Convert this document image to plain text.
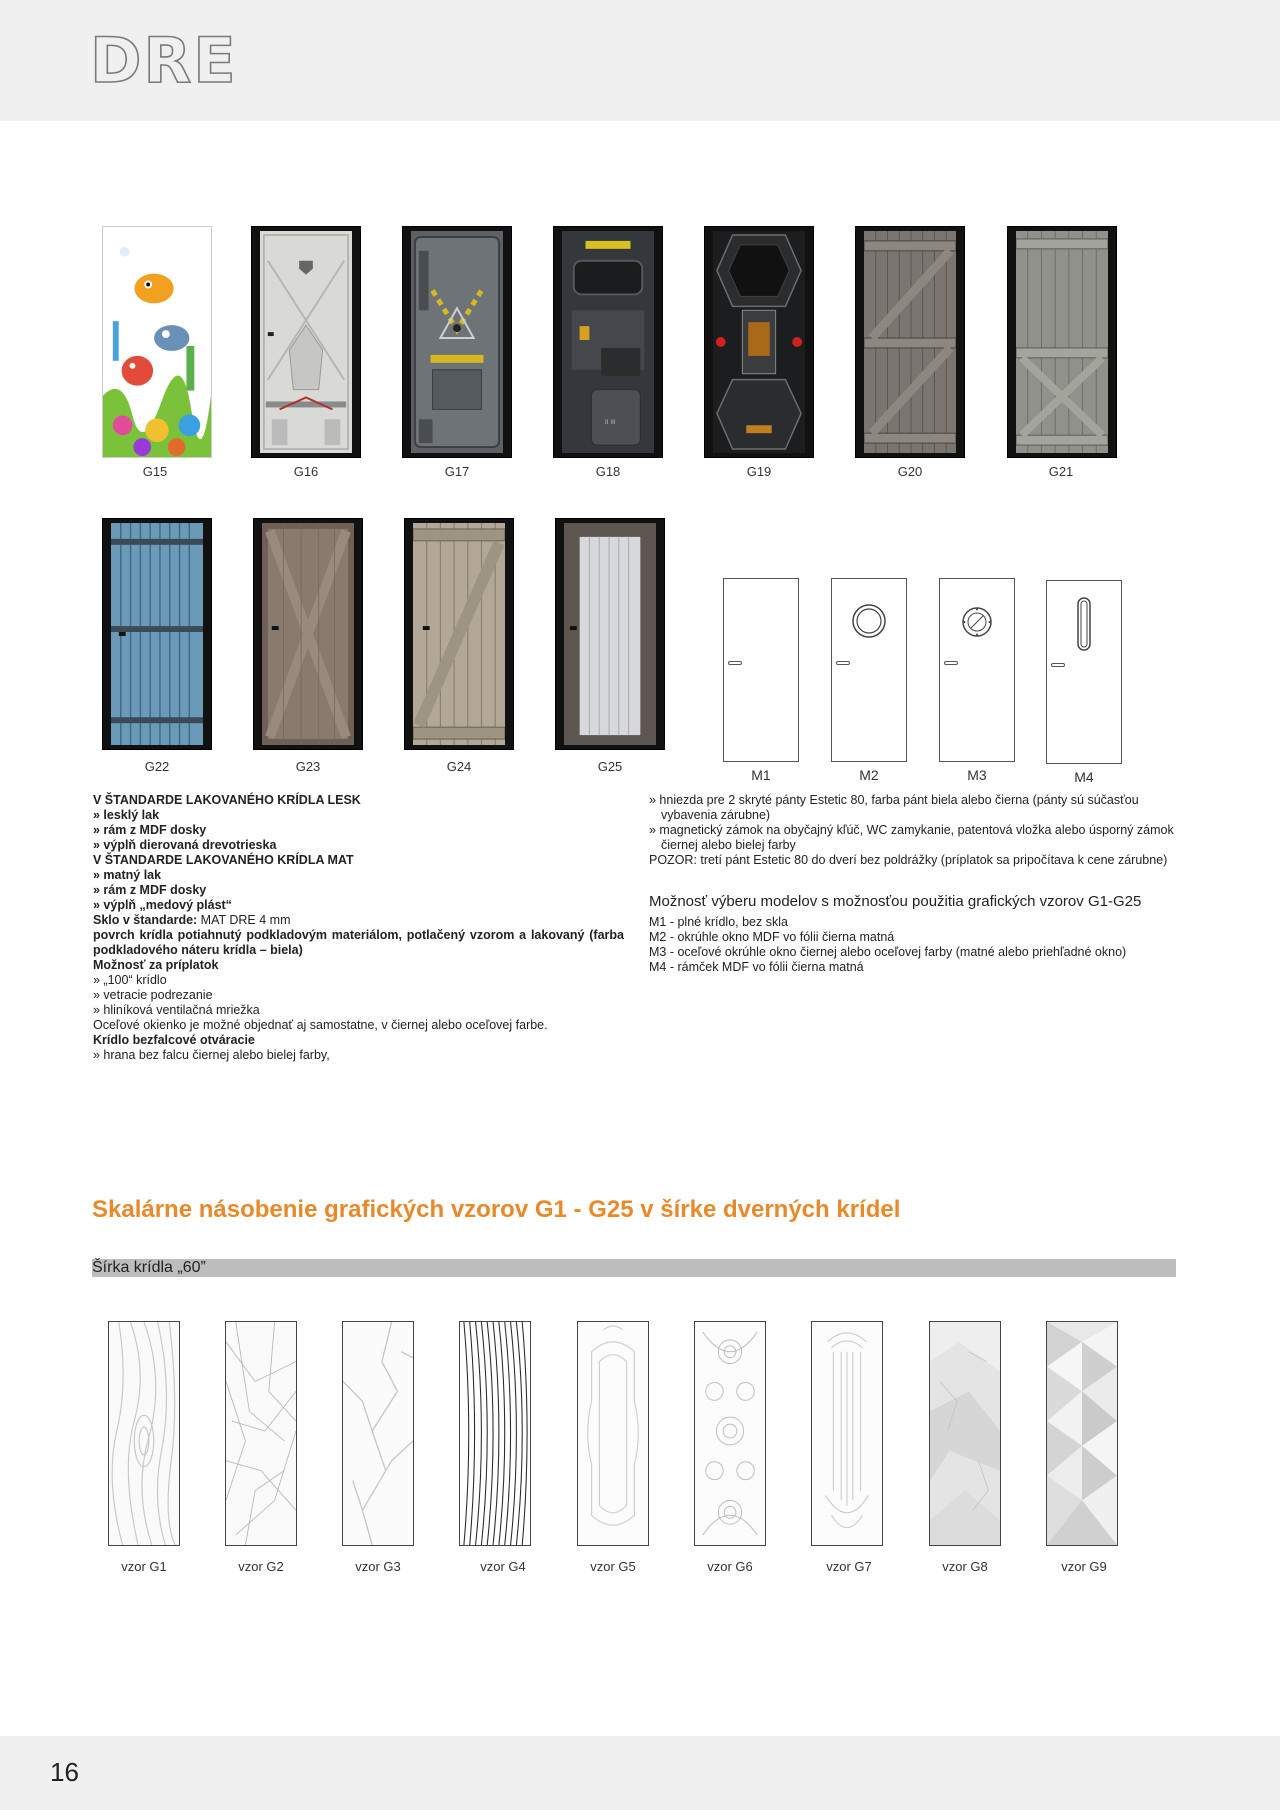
DRE
II III
G15	G16	G17	G18	G19	G20	G21
G22	G23	G24	G25
M1	M2	M3	M4
V ŠTANDARDE LAKOVANÉHO KRÍDLA LESK
» lesklý lak
» rám z MDF dosky
» výplň dierovaná drevotrieska
V ŠTANDARDE LAKOVANÉHO KRÍDLA MAT
» matný lak
» rám z MDF dosky
» výplň „medový plást“
Sklo v štandarde: MAT DRE 4 mm
povrch krídla potiahnutý podkladovým materiálom, potlačený vzorom a lakovaný (farba podkladového náteru krídla – biela)
Možnosť za príplatok
» „100“ krídlo
» vetracie podrezanie
» hliníková ventilačná mriežka
Oceľové okienko je možné objednať aj samostatne, v čiernej alebo oceľovej farbe.
Krídlo bezfalcové otváracie
» hrana bez falcu čiernej alebo bielej farby,
» hniezda pre 2 skryté pánty Estetic 80, farba pánt biela alebo čierna (pánty sú súčasťou vybavenia zárubne)
» magnetický zámok na obyčajný kľúč, WC zamykanie, patentová vložka alebo úsporný zámok čiernej alebo bielej farby
POZOR: tretí pánt Estetic 80 do dverí bez poldrážky (príplatok sa pripočítava k cene zárubne)
Možnosť výberu modelov s možnosťou použitia grafických vzorov G1-G25
M1 - plné krídlo, bez skla
M2 - okrúhle okno MDF vo fólii čierna matná
M3 - oceľové okrúhle okno čiernej alebo oceľovej farby (matné alebo priehľadné okno)
M4 - rámček MDF vo fólii čierna matná
Skalárne násobenie grafických vzorov G1 - G25 v šírke dverných krídel
Šírka krídla „60”
vzor G1	vzor G2	vzor G3	vzor G4	vzor G5	vzor G6	vzor G7	vzor G8	vzor G9
16
